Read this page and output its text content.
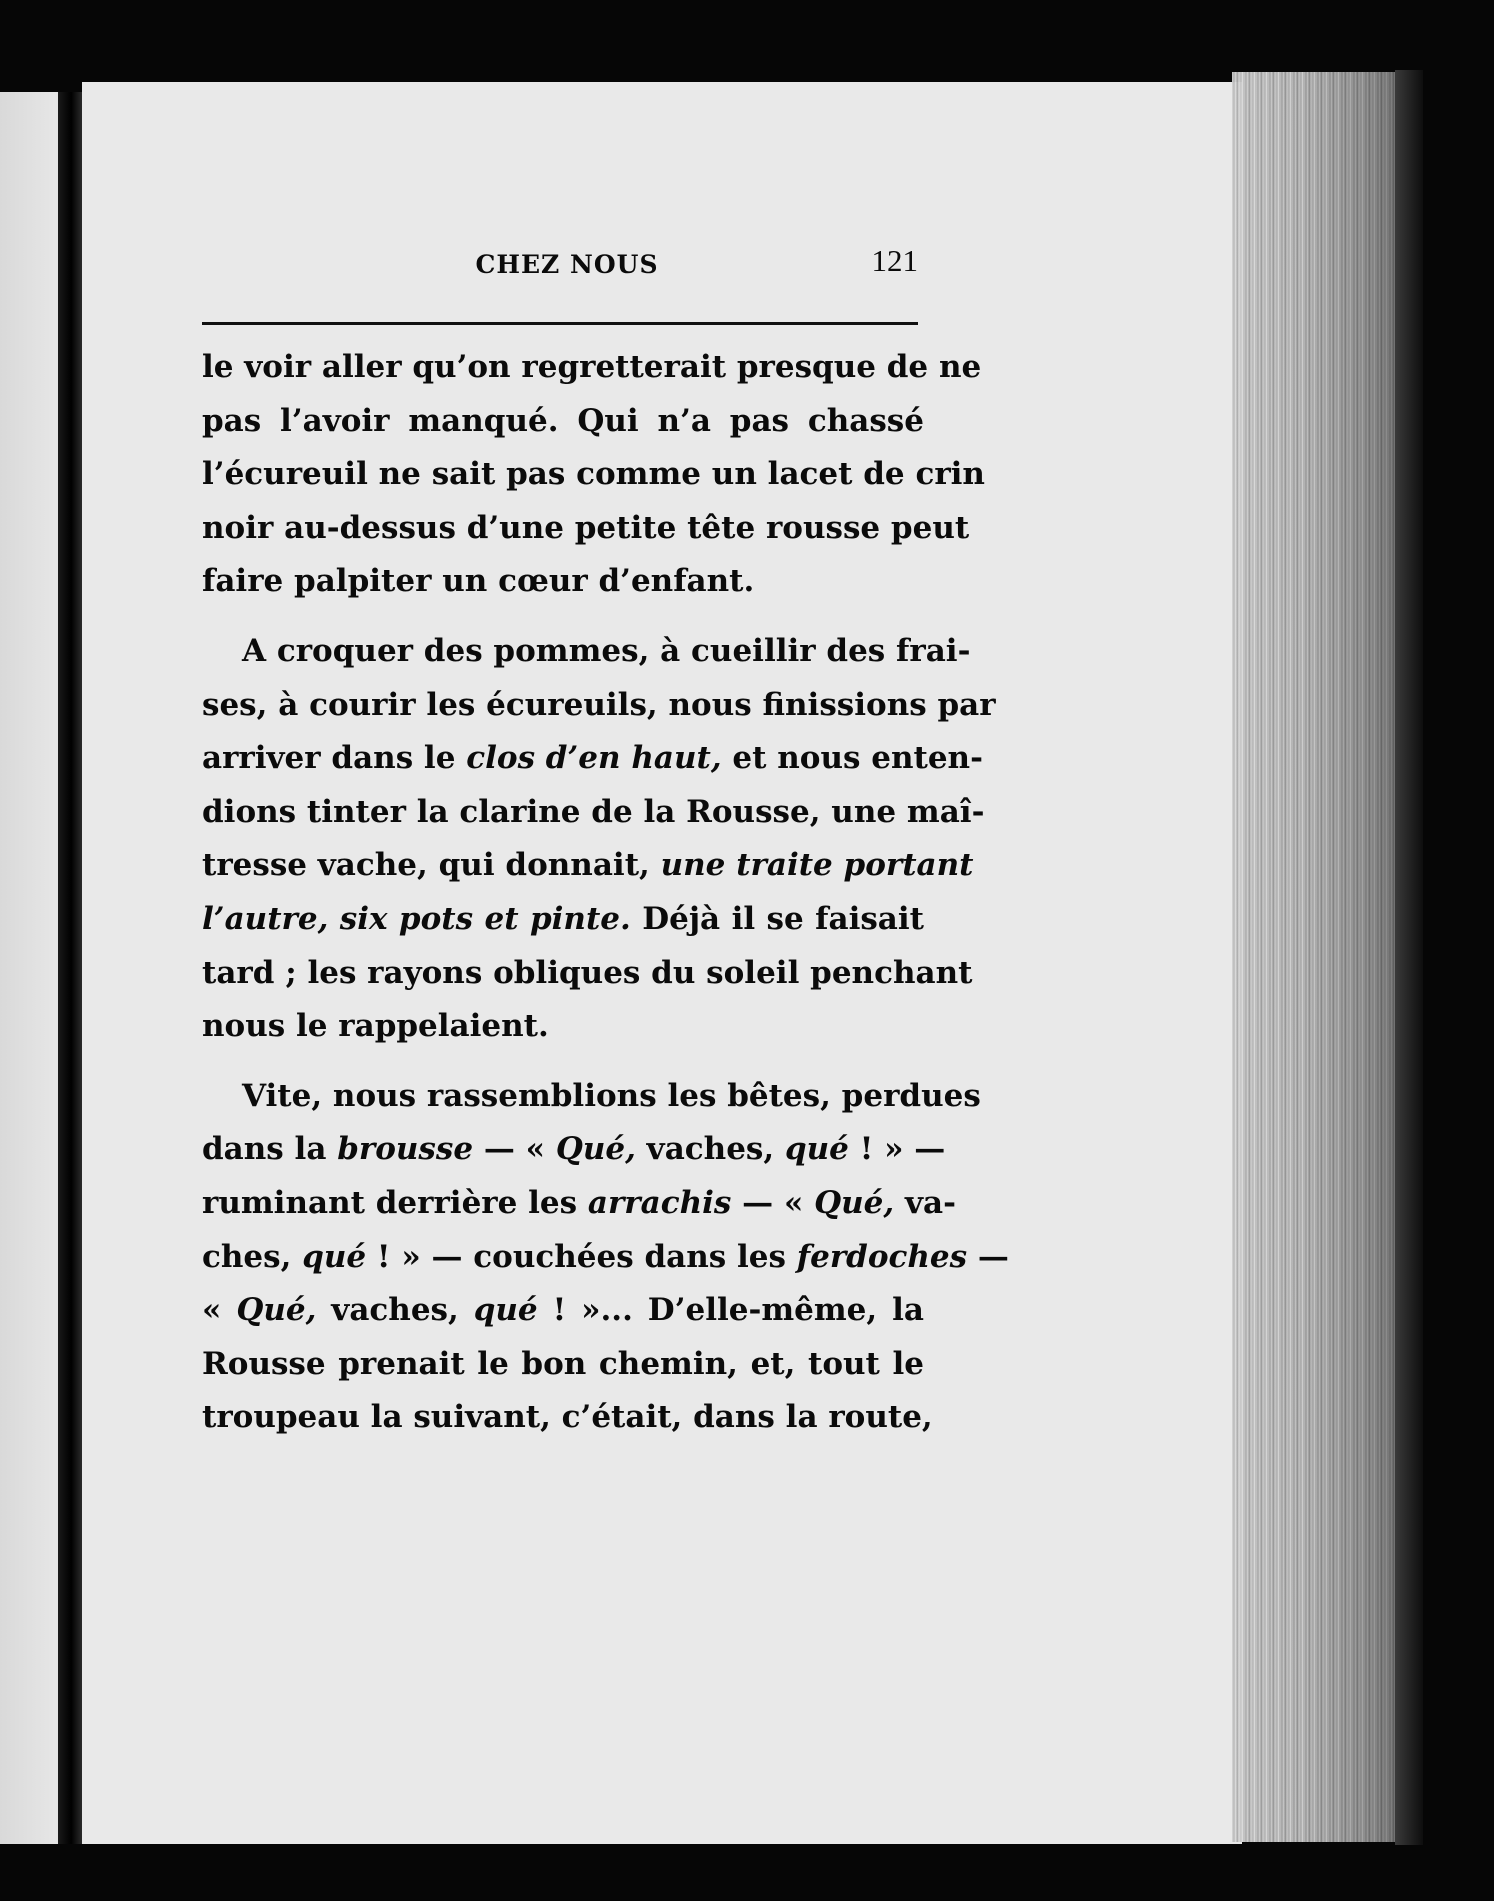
CHEZ NOUS	121
le voir aller qu’on regretterait presque de ne
pas l’avoir manqué. Qui n’a pas chassé
l’écureuil ne sait pas comme un lacet de crin
noir au-dessus d’une petite tête rousse peut
faire palpiter un cœur d’enfant.
A croquer des pommes, à cueillir des frai-
ses, à courir les écureuils, nous finissions par
arriver dans le clos d’en haut, et nous enten-
dions tinter la clarine de la Rousse, une maî-
tresse vache, qui donnait, une traite portant
l’autre, six pots et pinte. Déjà il se faisait
tard ; les rayons obliques du soleil penchant
nous le rappelaient.
Vite, nous rassemblions les bêtes, perdues
dans la brousse — « Qué, vaches, qué ! » —
ruminant derrière les arrachis — « Qué, va-
ches, qué ! » — couchées dans les ferdoches —
« Qué, vaches, qué ! »... D’elle-même, la
Rousse prenait le bon chemin, et, tout le
troupeau la suivant, c’était, dans la route,
